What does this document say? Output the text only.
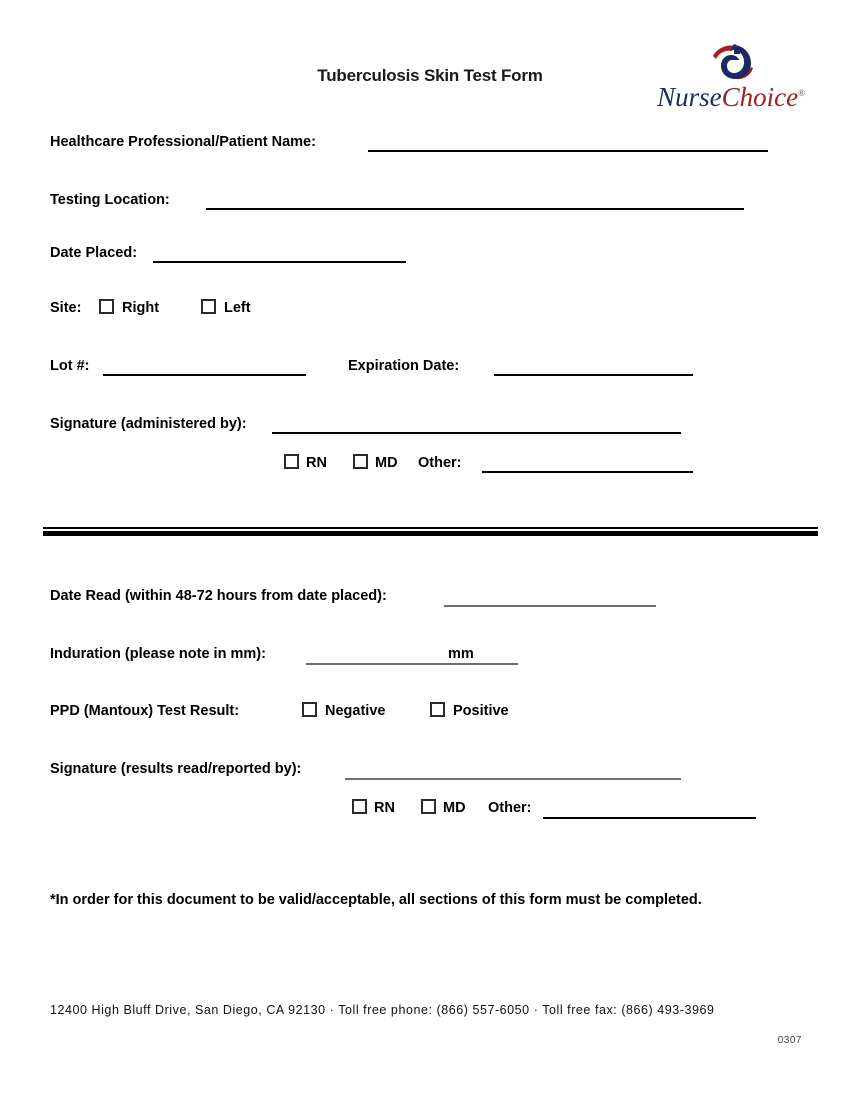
Tuberculosis Skin Test Form
NurseChoice®
Healthcare Professional/Patient Name:
Testing Location:
Date Placed:
Site:	Right	Left
Lot #:	Expiration Date:
Signature (administered by):
RN	MD Other:
Date Read (within 48-72 hours from date placed):
Induration (please note in mm):	mm
PPD (Mantoux) Test Result:	Negative	Positive
Signature (results read/reported by):
RN	MD Other:
*In order for this document to be valid/acceptable, all sections of this form must be completed.
12400 High Bluff Drive, San Diego, CA 92130 · Toll free phone: (866) 557-6050 · Toll free fax: (866) 493-3969
0307
